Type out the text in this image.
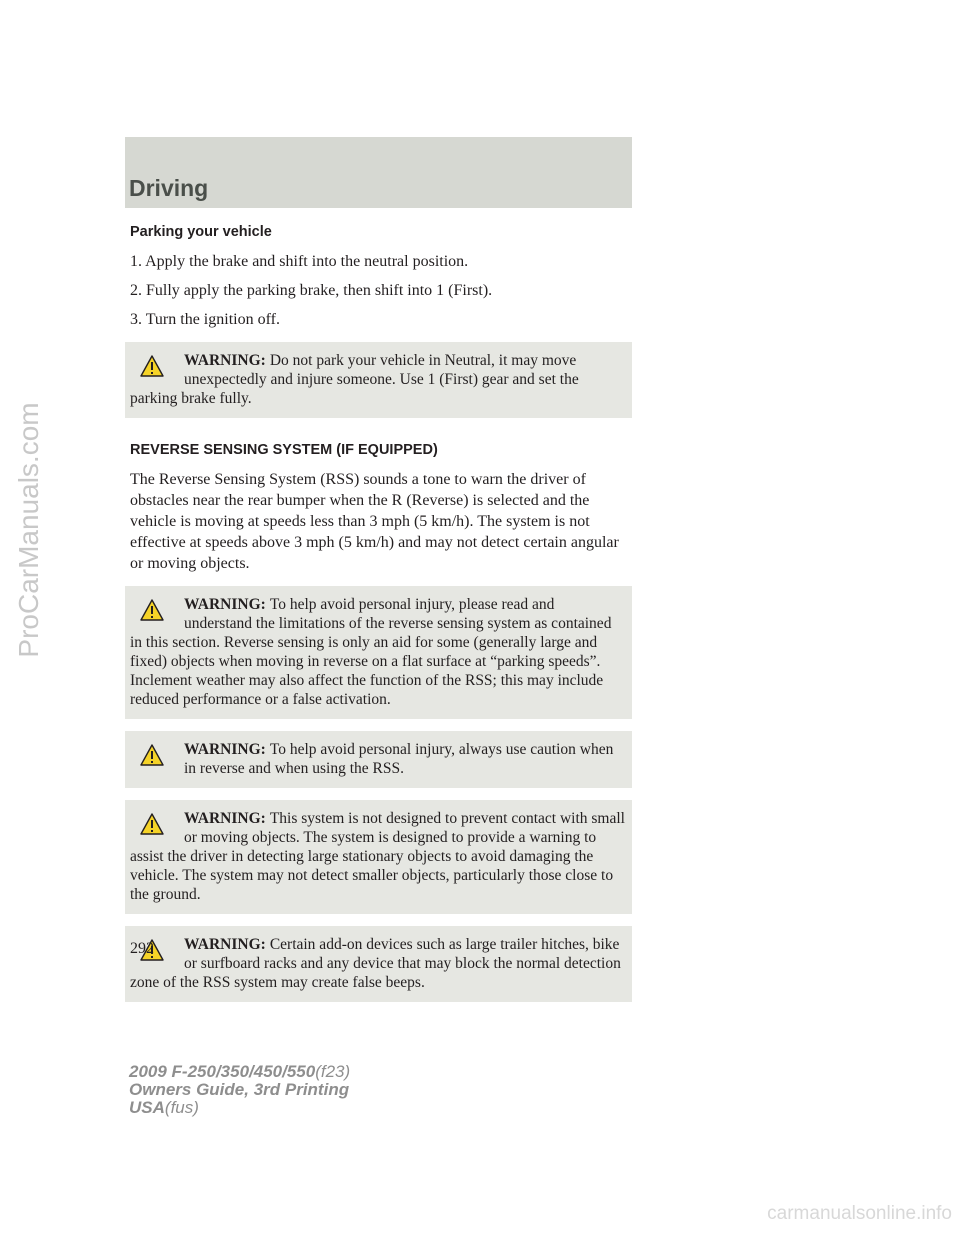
ProCarManuals.com
Driving
Parking your vehicle

1. Apply the brake and shift into the neutral position.

2. Fully apply the parking brake, then shift into 1 (First).

3. Turn the ignition off.

WARNING: Do not park your vehicle in Neutral, it may move unexpectedly and injure someone. Use 1 (First) gear and set the parking brake fully.
REVERSE SENSING SYSTEM (IF EQUIPPED)

The Reverse Sensing System (RSS) sounds a tone to warn the driver of obstacles near the rear bumper when the R (Reverse) is selected and the vehicle is moving at speeds less than 3 mph (5 km/h). The system is not effective at speeds above 3 mph (5 km/h) and may not detect certain angular or moving objects.

WARNING: To help avoid personal injury, please read and understand the limitations of the reverse sensing system as contained in this section. Reverse sensing is only an aid for some (generally large and fixed) objects when moving in reverse on a flat surface at “parking speeds”. Inclement weather may also affect the function of the RSS; this may include reduced performance or a false activation.
WARNING: To help avoid personal injury, always use caution when in reverse and when using the RSS.
WARNING: This system is not designed to prevent contact with small or moving objects. The system is designed to provide a warning to assist the driver in detecting large stationary objects to avoid damaging the vehicle. The system may not detect smaller objects, particularly those close to the ground.
WARNING: Certain add-on devices such as large trailer hitches, bike or surfboard racks and any device that may block the normal detection zone of the RSS system may create false beeps.
292
2009 F-250/350/450/550(f23)
Owners Guide, 3rd Printing
USA(fus)
carmanualsonline.info
